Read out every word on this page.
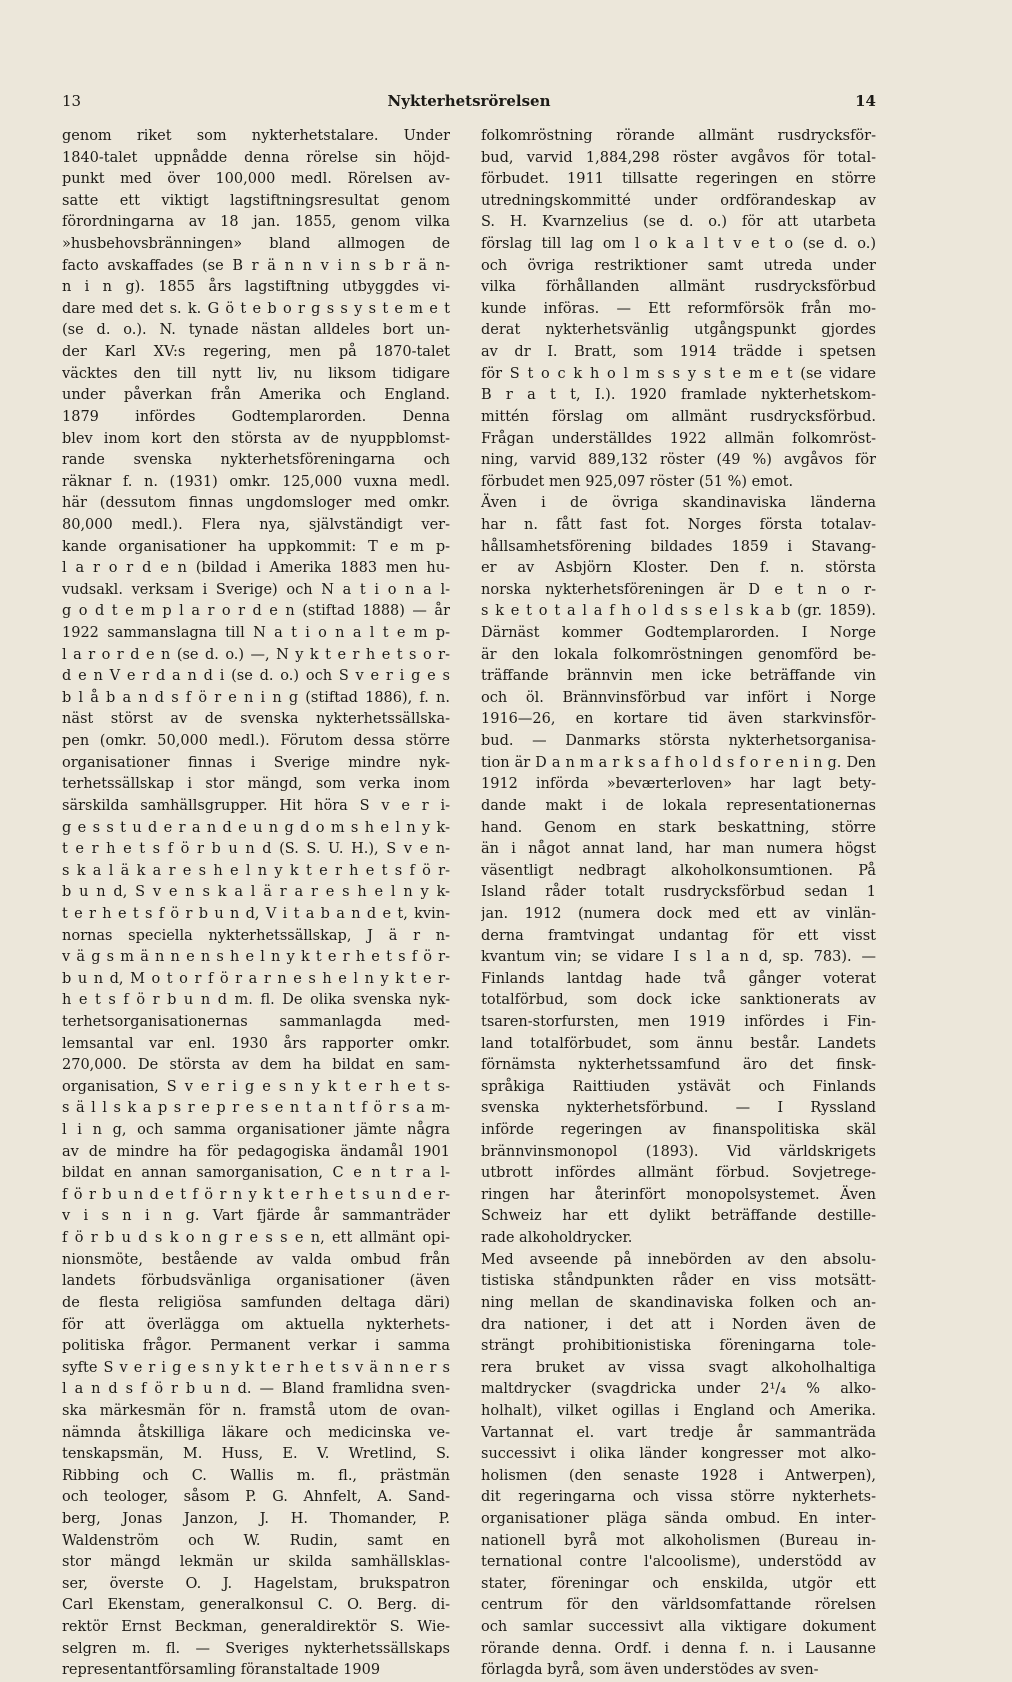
13	Nykterhetsrörelsen	14
genom riket som nykterhetstalare. Under
1840-talet uppnådde denna rörelse sin höjd-
punkt med över 100,000 medl. Rörelsen av-
satte ett viktigt lagstiftningsresultat genom
förordningarna av 18 jan. 1855, genom vilka
»husbehovsbränningen» bland allmogen de
facto avskaffades (se B r ä n n v i n s b r ä n-
n i n g). 1855 års lagstiftning utbyggdes vi-
dare med det s. k. G ö t e b o r g s s y s t e m e t
(se d. o.). N. tynade nästan alldeles bort un-
der Karl XV:s regering, men på 1870-talet
väcktes den till nytt liv, nu liksom tidigare
under påverkan från Amerika och England.
1879 infördes Godtemplarorden. Denna
blev inom kort den största av de nyuppblomst-
rande svenska nykterhetsföreningarna och
räknar f. n. (1931) omkr. 125,000 vuxna medl.
här (dessutom finnas ungdomsloger med omkr.
80,000 medl.). Flera nya, självständigt ver-
kande organisationer ha uppkommit: T e m p-
l a r o r d e n (bildad i Amerika 1883 men hu-
vudsakl. verksam i Sverige) och N a t i o n a l-
g o d t e m p l a r o r d e n (stiftad 1888) — år
1922 sammanslagna till N a t i o n a l t e m p-
l a r o r d e n (se d. o.) —, N y k t e r h e t s o r-
d e n V e r d a n d i (se d. o.) och S v e r i g e s
b l å b a n d s f ö r e n i n g (stiftad 1886), f. n.
näst störst av de svenska nykterhetssällska-
pen (omkr. 50,000 medl.). Förutom dessa större
organisationer finnas i Sverige mindre nyk-
terhetssällskap i stor mängd, som verka inom
särskilda samhällsgrupper. Hit höra S v e r i-
g e s s t u d e r a n d e u n g d o m s h e l n y k-
t e r h e t s f ö r b u n d (S. S. U. H.), S v e n-
s k a l ä k a r e s h e l n y k t e r h e t s f ö r-
b u n d, S v e n s k a l ä r a r e s h e l n y k-
t e r h e t s f ö r b u n d, V i t a b a n d e t, kvin-
nornas speciella nykterhetssällskap, J ä r n-
v ä g s m ä n n e n s h e l n y k t e r h e t s f ö r-
b u n d, M o t o r f ö r a r n e s h e l n y k t e r-
h e t s f ö r b u n d m. fl. De olika svenska nyk-
terhetsorganisationernas sammanlagda med-
lemsantal var enl. 1930 års rapporter omkr.
270,000. De största av dem ha bildat en sam-
organisation, S v e r i g e s n y k t e r h e t s-
s ä l l s k a p s r e p r e s e n t a n t f ö r s a m-
l i n g, och samma organisationer jämte några
av de mindre ha för pedagogiska ändamål 1901
bildat en annan samorganisation, C e n t r a l-
f ö r b u n d e t f ö r n y k t e r h e t s u n d e r-
v i s n i n g. Vart fjärde år sammanträder
f ö r b u d s k o n g r e s s e n, ett allmänt opi-
nionsmöte, bestående av valda ombud från
landets förbudsvänliga organisationer (även
de flesta religiösa samfunden deltaga däri)
för att överlägga om aktuella nykterhets-
politiska frågor. Permanent verkar i samma
syfte S v e r i g e s n y k t e r h e t s v ä n n e r s
l a n d s f ö r b u n d. — Bland framlidna sven-
ska märkesmän för n. framstå utom de ovan-
nämnda åtskilliga läkare och medicinska ve-
tenskapsmän, M. Huss, E. V. Wretlind, S.
Ribbing och C. Wallis m. fl., prästmän
och teologer, såsom P. G. Ahnfelt, A. Sand-
berg, Jonas Janzon, J. H. Thomander, P.
Waldenström och W. Rudin, samt en
stor mängd lekmän ur skilda samhällsklas-
ser, överste O. J. Hagelstam, brukspatron
Carl Ekenstam, generalkonsul C. O. Berg. di-
rektör Ernst Beckman, generaldirektör S. Wie-
selgren m. fl. — Sveriges nykterhetssällskaps
representantförsamling föranstaltade 1909
folkomröstning rörande allmänt rusdrycksför-
bud, varvid 1,884,298 röster avgåvos för total-
förbudet. 1911 tillsatte regeringen en större
utredningskommitté under ordförandeskap av
S. H. Kvarnzelius (se d. o.) för att utarbeta
förslag till lag om l o k a l t v e t o (se d. o.)
och övriga restriktioner samt utreda under
vilka förhållanden allmänt rusdrycksförbud
kunde införas. — Ett reformförsök från mo-
derat nykterhetsvänlig utgångspunkt gjordes
av dr I. Bratt, som 1914 trädde i spetsen
för S t o c k h o l m s s y s t e m e t (se vidare
B r a t t, I.). 1920 framlade nykterhetskom-
mittén förslag om allmänt rusdrycksförbud.
Frågan underställdes 1922 allmän folkomröst-
ning, varvid 889,132 röster (49 %) avgåvos för
förbudet men 925,097 röster (51 %) emot.
Även i de övriga skandinaviska länderna
har n. fått fast fot. Norges första totalav-
hållsamhetsförening bildades 1859 i Stavang-
er av Asbjörn Kloster. Den f. n. största
norska nykterhetsföreningen är D e t n o r-
s k e t o t a l a f h o l d s s e l s k a b (gr. 1859).
Därnäst kommer Godtemplarorden. I Norge
är den lokala folkomröstningen genomförd be-
träffande brännvin men icke beträffande vin
och öl. Brännvinsförbud var infört i Norge
1916—26, en kortare tid även starkvinsför-
bud. — Danmarks största nykterhetsorganisa-
tion är D a n m a r k s a f h o l d s f o r e n i n g. Den
1912 införda »beværterloven» har lagt bety-
dande makt i de lokala representationernas
hand. Genom en stark beskattning, större
än i något annat land, har man numera högst
väsentligt nedbragt alkoholkonsumtionen. På
Island råder totalt rusdrycksförbud sedan 1
jan. 1912 (numera dock med ett av vinlän-
derna framtvingat undantag för ett visst
kvantum vin; se vidare I s l a n d, sp. 783). —
Finlands lantdag hade två gånger voterat
totalförbud, som dock icke sanktionerats av
tsaren-storfursten, men 1919 infördes i Fin-
land totalförbudet, som ännu består. Landets
förnämsta nykterhetssamfund äro det finsk-
språkiga Raittiuden ystävät och Finlands
svenska nykterhetsförbund. — I Ryssland
införde regeringen av finanspolitiska skäl
brännvinsmonopol (1893). Vid världskrigets
utbrott infördes allmänt förbud. Sovjetrege-
ringen har återinfört monopolsystemet. Även
Schweiz har ett dylikt beträffande destille-
rade alkoholdrycker.
Med avseende på innebörden av den absolu-
tistiska ståndpunkten råder en viss motsätt-
ning mellan de skandinaviska folken och an-
dra nationer, i det att i Norden även de
strängt prohibitionistiska föreningarna tole-
rera bruket av vissa svagt alkoholhaltiga
maltdrycker (svagdricka under 2¹/₄ % alko-
holhalt), vilket ogillas i England och Amerika.
Vartannat el. vart tredje år sammanträda
successivt i olika länder kongresser mot alko-
holismen (den senaste 1928 i Antwerpen),
dit regeringarna och vissa större nykterhets-
organisationer pläga sända ombud. En inter-
nationell byrå mot alkoholismen (Bureau in-
ternational contre l'alcoolisme), understödd av
stater, föreningar och enskilda, utgör ett
centrum för den världsomfattande rörelsen
och samlar successivt alla viktigare dokument
rörande denna. Ordf. i denna f. n. i Lausanne
förlagda byrå, som även understödes av sven-
